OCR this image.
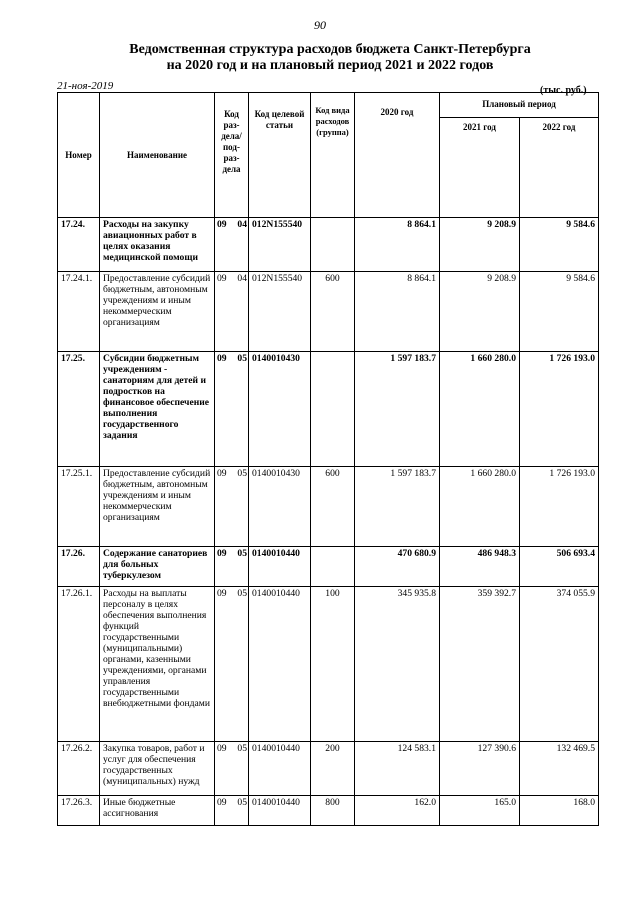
90
Ведомственная структура расходов бюджета Санкт-Петербурга
на 2020 год и на плановый период 2021 и 2022 годов
21-ноя-2019	(тыс. руб.)
Номер	Наименование	Код раз-дела/ под-раз-дела		Код целевой статьи	Код вида расходов (группа)	2020 год	Плановый период	
							2021 год	2022 год
17.24.	Расходы на закупку авиационных работ в целях оказания медицинской помощи	09	04	012N155540		8 864.1	9 208.9	9 584.6
17.24.1.	Предоставление субсидий бюджетным, автономным учреждениям и иным некоммерческим организациям	09	04	012N155540	600	8 864.1	9 208.9	9 584.6
17.25.	Субсидии бюджетным учреждениям - санаториям для детей и подростков на финансовое обеспечение выполнения государственного задания	09	05	0140010430		1 597 183.7	1 660 280.0	1 726 193.0
17.25.1.	Предоставление субсидий бюджетным, автономным учреждениям и иным некоммерческим организациям	09	05	0140010430	600	1 597 183.7	1 660 280.0	1 726 193.0
17.26.	Содержание санаториев для больных туберкулезом	09	05	0140010440		470 680.9	486 948.3	506 693.4
17.26.1.	Расходы на выплаты персоналу в целях обеспечения выполнения функций государственными (муниципальными) органами, казенными учреждениями, органами управления государственными внебюджетными фондами	09	05	0140010440	100	345 935.8	359 392.7	374 055.9
17.26.2.	Закупка товаров, работ и услуг для обеспечения государственных (муниципальных) нужд	09	05	0140010440	200	124 583.1	127 390.6	132 469.5
17.26.3.	Иные бюджетные ассигнования	09	05	0140010440	800	162.0	165.0	168.0
